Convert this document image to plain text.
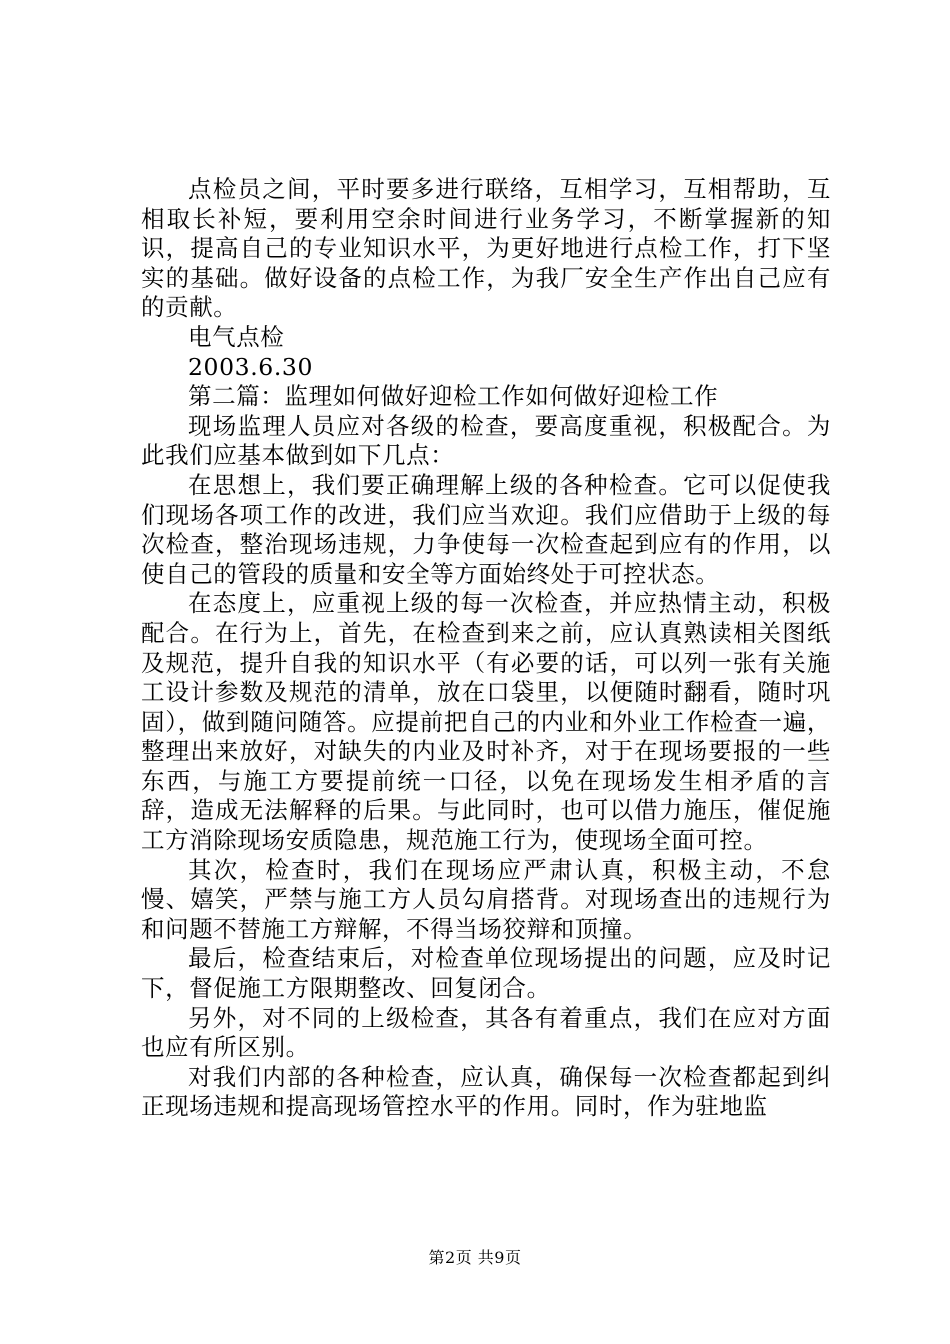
点检员之间，平时要多进行联络，互相学习，互相帮助，互相取长补短，要利用空余时间进行业务学习，不断掌握新的知识，提高自己的专业知识水平，为更好地进行点检工作，打下坚实的基础。做好设备的点检工作，为我厂安全生产作出自己应有的贡献。

电气点检

2003.6.30

第二篇：监理如何做好迎检工作如何做好迎检工作

现场监理人员应对各级的检查，要高度重视，积极配合。为此我们应基本做到如下几点：

在思想上，我们要正确理解上级的各种检查。它可以促使我们现场各项工作的改进，我们应当欢迎。我们应借助于上级的每次检查，整治现场违规，力争使每一次检查起到应有的作用，以使自己的管段的质量和安全等方面始终处于可控状态。

在态度上，应重视上级的每一次检查，并应热情主动，积极配合。在行为上，首先，在检查到来之前，应认真熟读相关图纸及规范，提升自我的知识水平（有必要的话，可以列一张有关施工设计参数及规范的清单，放在口袋里，以便随时翻看，随时巩固），做到随问随答。应提前把自己的内业和外业工作检查一遍，整理出来放好，对缺失的内业及时补齐，对于在现场要报的一些东西，与施工方要提前统一口径，以免在现场发生相矛盾的言辞，造成无法解释的后果。与此同时，也可以借力施压，催促施工方消除现场安质隐患，规范施工行为，使现场全面可控。

其次，检查时，我们在现场应严肃认真，积极主动，不怠慢、嬉笑，严禁与施工方人员勾肩搭背。对现场查出的违规行为和问题不替施工方辩解，不得当场狡辩和顶撞。

最后，检查结束后，对检查单位现场提出的问题，应及时记下，督促施工方限期整改、回复闭合。

另外，对不同的上级检查，其各有着重点，我们在应对方面也应有所区别。

对我们内部的各种检查，应认真，确保每一次检查都起到纠正现场违规和提高现场管控水平的作用。同时，作为驻地监

第2页 共9页
